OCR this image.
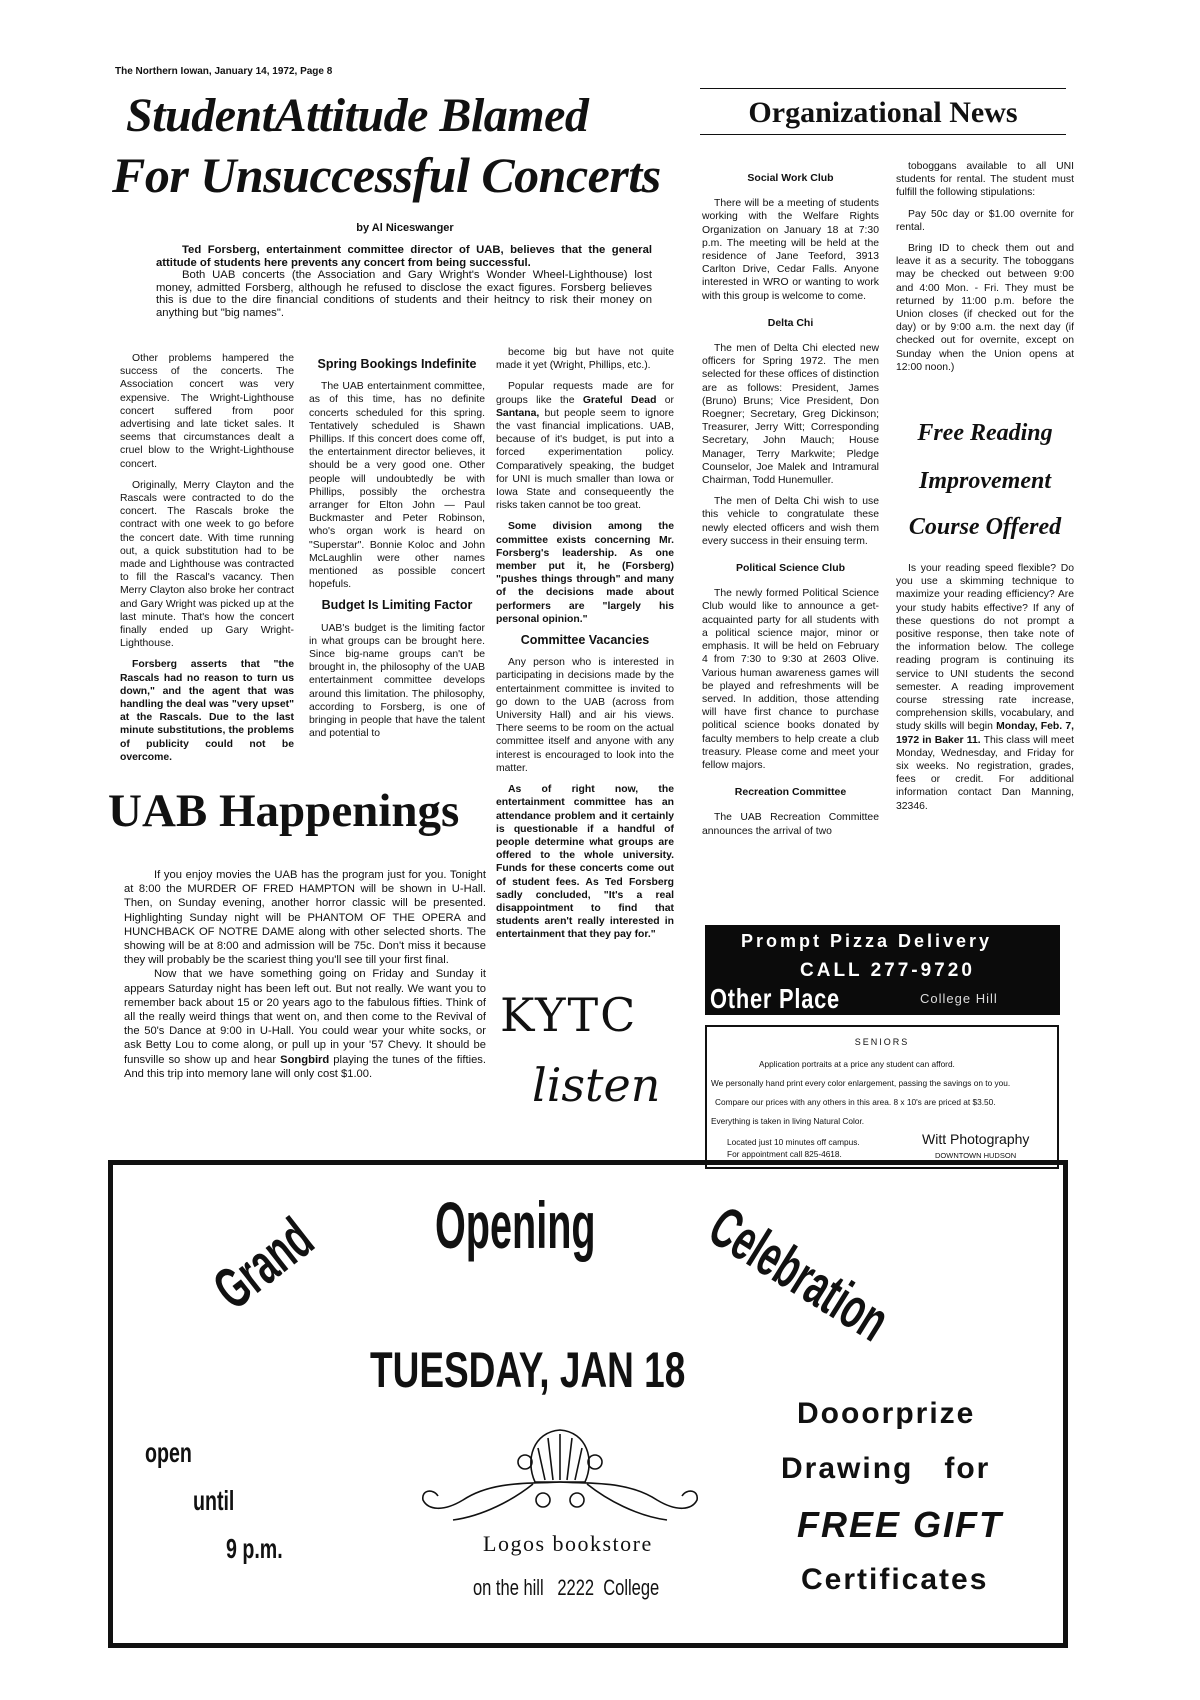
The Northern Iowan, January 14, 1972, Page 8
StudentAttitude Blamed
For Unsuccessful Concerts
by Al Niceswanger

Ted Forsberg, entertainment committee director of UAB, believes that the general attitude of students here prevents any concert from being successful.

Both UAB concerts (the Association and Gary Wright's Wonder Wheel-Lighthouse) lost money, admitted Forsberg, although he refused to disclose the exact figures. Forsberg believes this is due to the dire financial conditions of students and their heitncy to risk their money on anything but "big names".

Other problems hampered the success of the concerts. The Association concert was very expensive. The Wright-Lighthouse concert suffered from poor advertising and late ticket sales. It seems that circumstances dealt a cruel blow to the Wright-Lighthouse concert.

Originally, Merry Clayton and the Rascals were contracted to do the concert. The Rascals broke the contract with one week to go before the concert date. With time running out, a quick substitution had to be made and Lighthouse was contracted to fill the Rascal's vacancy. Then Merry Clayton also broke her contract and Gary Wright was picked up at the last minute. That's how the concert finally ended up Gary Wright-Lighthouse.

Forsberg asserts that "the Rascals had no reason to turn us down," and the agent that was handling the deal was "very upset" at the Rascals. Due to the last minute substitutions, the problems of publicity could not be overcome.

Spring Bookings Indefinite

The UAB entertainment committee, as of this time, has no definite concerts scheduled for this spring. Tentatively scheduled is Shawn Phillips. If this concert does come off, the entertainment director believes, it should be a very good one. Other people will undoubtedly be with Phillips, possibly the orchestra arranger for Elton John — Paul Buckmaster and Peter Robinson, who's organ work is heard on "Superstar". Bonnie Koloc and John McLaughlin were other names mentioned as possible concert hopefuls.

Budget Is Limiting Factor

UAB's budget is the limiting factor in what groups can be brought here. Since big-name groups can't be brought in, the philosophy of the UAB entertainment committee develops around this limitation. The philosophy, according to Forsberg, is one of bringing in people that have the talent and potential to

become big but have not quite made it yet (Wright, Phillips, etc.).

Popular requests made are for groups like the Grateful Dead or Santana, but people seem to ignore the vast financial implications. UAB, because of it's budget, is put into a forced experimentation policy. Comparatively speaking, the budget for UNI is much smaller than Iowa or Iowa State and consequeently the risks taken cannot be too great.

Some division among the committee exists concerning Mr. Forsberg's leadership. As one member put it, he (Forsberg) "pushes things through" and many of the decisions made about performers are "largely his personal opinion."

Committee Vacancies

Any person who is interested in participating in decisions made by the entertainment committee is invited to go down to the UAB (across from University Hall) and air his views. There seems to be room on the actual committee itself and anyone with any interest is encouraged to look into the matter.

As of right now, the entertainment committee has an attendance problem and it certainly is questionable if a handful of people determine what groups are offered to the whole university. Funds for these concerts come out of student fees. As Ted Forsberg sadly concluded, "It's a real disappointment to find that students aren't really interested in entertainment that they pay for."

UAB Happenings

If you enjoy movies the UAB has the program just for you. Tonight at 8:00 the MURDER OF FRED HAMPTON will be shown in U-Hall. Then, on Sunday evening, another horror classic will be presented. Highlighting Sunday night will be PHANTOM OF THE OPERA and HUNCHBACK OF NOTRE DAME along with other selected shorts. The showing will be at 8:00 and admission will be 75c. Don't miss it because they will probably be the scariest thing you'll see till your first final.

Now that we have something going on Friday and Sunday it appears Saturday night has been left out. But not really. We want you to remember back about 15 or 20 years ago to the fabulous fifties. Think of all the really weird things that went on, and then come to the Revival of the 50's Dance at 9:00 in U-Hall. You could wear your white socks, or ask Betty Lou to come along, or pull up in your '57 Chevy. It should be funsville so show up and hear Songbird playing the tunes of the fifties. And this trip into memory lane will only cost $1.00.

KYTC
listen
Organizational News
Social Work Club

There will be a meeting of students working with the Welfare Rights Organization on January 18 at 7:30 p.m. The meeting will be held at the residence of Jane Teeford, 3913 Carlton Drive, Cedar Falls. Anyone interested in WRO or wanting to work with this group is welcome to come.

Delta Chi

The men of Delta Chi elected new officers for Spring 1972. The men selected for these offices of distinction are as follows: President, James (Bruno) Bruns; Vice President, Don Roegner; Secretary, Greg Dickinson; Treasurer, Jerry Witt; Corresponding Secretary, John Mauch; House Manager, Terry Markwite; Pledge Counselor, Joe Malek and Intramural Chairman, Todd Hunemuller.

The men of Delta Chi wish to use this vehicle to congratulate these newly elected officers and wish them every success in their ensuing term.

Political Science Club

The newly formed Political Science Club would like to announce a get-acquainted party for all students with a political science major, minor or emphasis. It will be held on February 4 from 7:30 to 9:30 at 2603 Olive. Various human awareness games will be played and refreshments will be served. In addition, those attending will have first chance to purchase political science books donated by faculty members to help create a club treasury. Please come and meet your fellow majors.

Recreation Committee

The UAB Recreation Committee announces the arrival of two

toboggans available to all UNI students for rental. The student must fulfill the following stipulations:

Pay 50c day or $1.00 overnite for rental.

Bring ID to check them out and leave it as a security. The toboggans may be checked out between 9:00 and 4:00 Mon. - Fri. They must be returned by 11:00 p.m. before the Union closes (if checked out for the day) or by 9:00 a.m. the next day (if checked out for overnite, except on Sunday when the Union opens at 12:00 noon.)

Free Reading
Improvement
Course Offered

Is your reading speed flexible? Do you use a skimming technique to maximize your reading efficiency? Are your study habits effective? If any of these questions do not prompt a positive response, then take note of the information below. The college reading program is continuing its service to UNI students the second semester. A reading improvement course stressing rate increase, comprehension skills, vocabulary, and study skills will begin Monday, Feb. 7, 1972 in Baker 11. This class will meet Monday, Wednesday, and Friday for six weeks. No registration, grades, fees or credit. For additional information contact Dan Manning, 32346.

Prompt Pizza Delivery
CALL 277-9720
Other Place	College Hill
SENIORS
Application portraits at a price any student can afford.
We personally hand print every color enlargement, passing the savings on to you.
Compare our prices with any others in this area. 8 x 10's are priced at $3.50.
Everything is taken in living Natural Color.
Located just 10 minutes off campus.
For appointment call 825-4618.
Witt Photography
DOWNTOWN HUDSON
Grand Opening Celebration
TUESDAY, JAN 18
open
until
9 p.m.	Logos bookstore
on the hill   2222  College
Dooorprize
Drawing   for
FREE GIFT
Certificates
